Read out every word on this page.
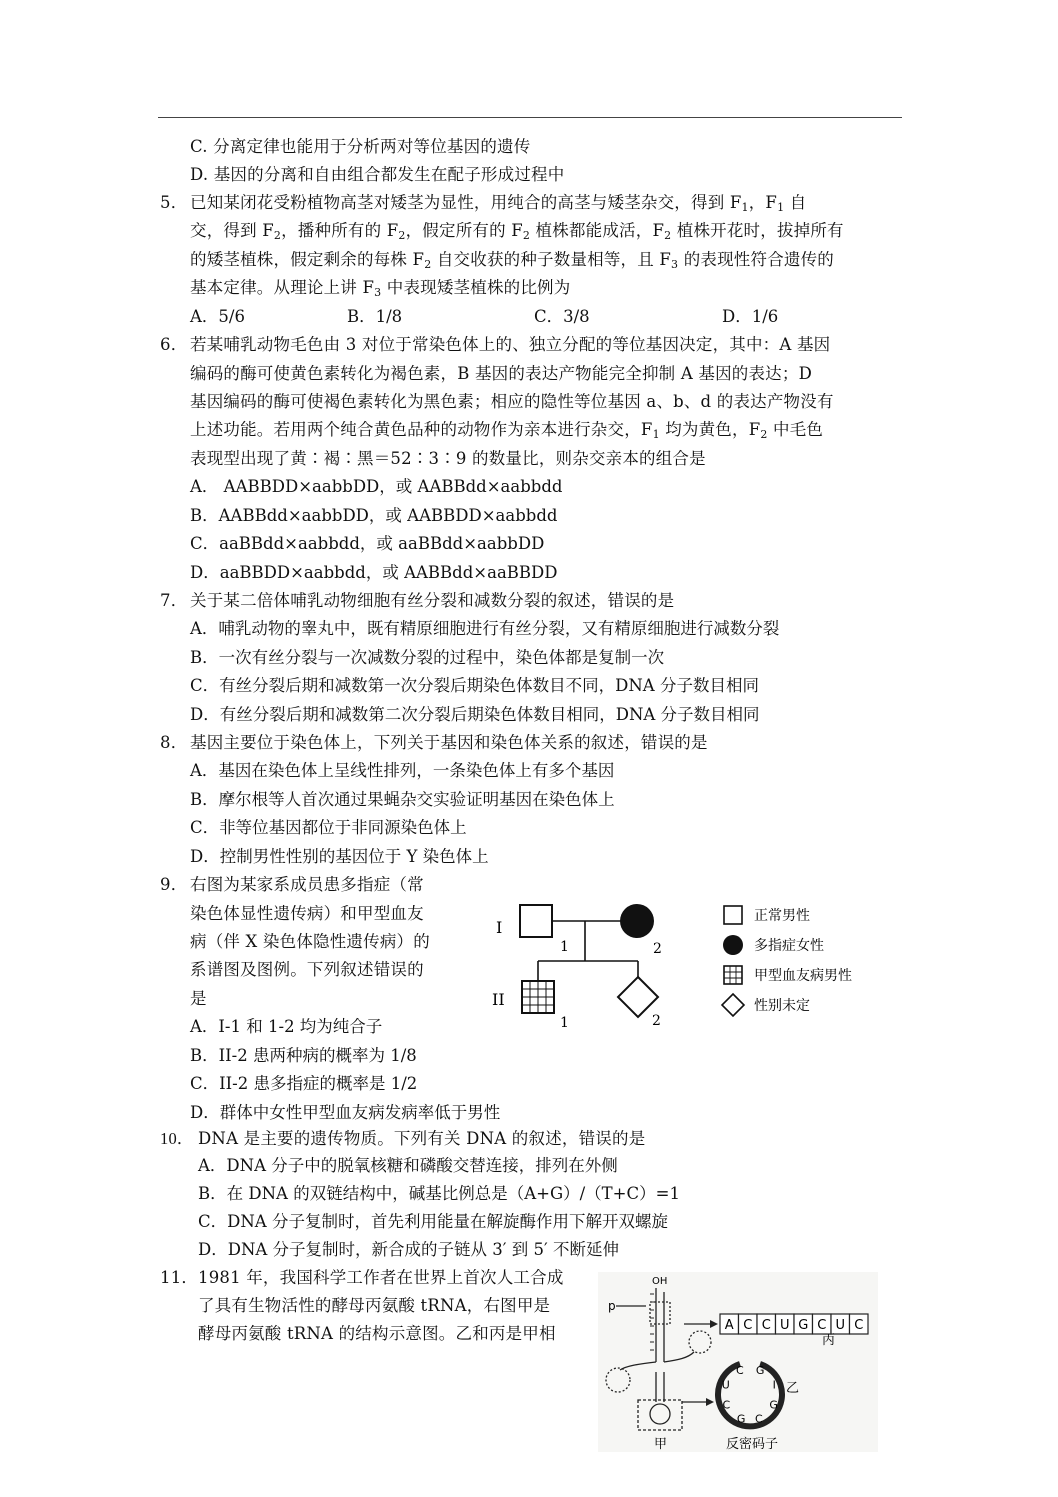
C. 分离定律也能用于分析两对等位基因的遗传
D. 基因的分离和自由组合都发生在配子形成过程中
5． 已知某闭花受粉植物高茎对矮茎为显性，用纯合的高茎与矮茎杂交，得到 $F_1$，$F_1$ 自
交，得到 $F_2$，播种所有的 $F_2$，假定所有的 $F_2$ 植株都能成活，$F_2$ 植株开花时，拔掉所有
的矮茎植株，假定剩余的每株 $F_2$ 自交收获的种子数量相等，且 $F_3$ 的表现性符合遗传的
基本定律。从理论上讲 $F_3$ 中表现矮茎植株的比例为
A．5/6	B．1/8	C．3/8	D．1/6
6． 若某哺乳动物毛色由 3 对位于常染色体上的、独立分配的等位基因决定，其中：A 基因
编码的酶可使黄色素转化为褐色素，B 基因的表达产物能完全抑制 A 基因的表达；D
基因编码的酶可使褐色素转化为黑色素；相应的隐性等位基因 a、b、d 的表达产物没有
上述功能。若用两个纯合黄色品种的动物作为亲本进行杂交，$F_1$ 均为黄色，$F_2$ 中毛色
表现型出现了黄∶褐∶黑＝52∶3∶9 的数量比，则杂交亲本的组合是
A． AABBDD×aabbDD，或 AABBdd×aabbdd
B．AABBdd×aabbDD，或 AABBDD×aabbdd
C．aaBBdd×aabbdd，或 aaBBdd×aabbDD
D．aaBBDD×aabbdd，或 AABBdd×aaBBDD
7． 关于某二倍体哺乳动物细胞有丝分裂和减数分裂的叙述，错误的是
A．哺乳动物的睾丸中，既有精原细胞进行有丝分裂，又有精原细胞进行减数分裂
B．一次有丝分裂与一次减数分裂的过程中，染色体都是复制一次
C．有丝分裂后期和减数第一次分裂后期染色体数目不同，DNA 分子数目相同
D．有丝分裂后期和减数第二次分裂后期染色体数目相同，DNA 分子数目相同
8． 基因主要位于染色体上，下列关于基因和染色体关系的叙述，错误的是
A．基因在染色体上呈线性排列，一条染色体上有多个基因
B．摩尔根等人首次通过果蝇杂交实验证明基因在染色体上
C．非等位基因都位于非同源染色体上
D．控制男性性别的基因位于 Y 染色体上
9． 右图为某家系成员患多指症（常
染色体显性遗传病）和甲型血友
病（伴 X 染色体隐性遗传病）的
系谱图及图例。下列叙述错误的
是
A．I-1 和 1-2 均为纯合子
B．II-2 患两种病的概率为 1/8
C．II-2 患多指症的概率是 1/2
D．群体中女性甲型血友病发病率低于男性
I
1	2
II
1	2
正常男性
多指症女性
甲型血友病男性
性别未定
10． DNA 是主要的遗传物质。下列有关 DNA 的叙述，错误的是
A．DNA 分子中的脱氧核糖和磷酸交替连接，排列在外侧
B．在 DNA 的双链结构中，碱基比例总是（A+G）/（T+C）=1
C．DNA 分子复制时，首先利用能量在解旋酶作用下解开双螺旋
D．DNA 分子复制时，新合成的子链从 3′ 到 5′ 不断延伸
11． 1981 年，我国科学工作者在世界上首次人工合成
了具有生物活性的酵母丙氨酸 tRNA，右图甲是
酵母丙氨酸 tRNA 的结构示意图。乙和丙是甲相
OH
p
甲
A C C U G C U C
丙
C
G
I
G
C
U
C
G
乙
反密码子
